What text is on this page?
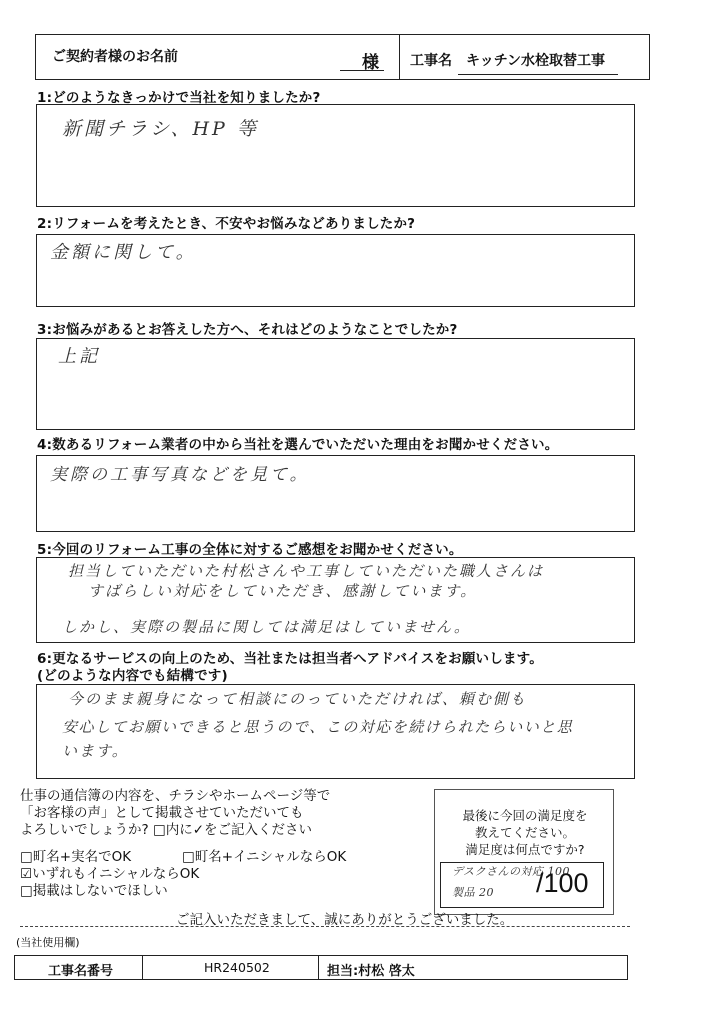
ご契約者様のお名前	様 工事名 キッチン水栓取替工事
1:どのようなきっかけで当社を知りましたか?
新聞チラシ、HP 等
2:リフォームを考えたとき、不安やお悩みなどありましたか?
金額に関して。
3:お悩みがあるとお答えした方へ、それはどのようなことでしたか?
上記
4:数あるリフォーム業者の中から当社を選んでいただいた理由をお聞かせください。
実際の工事写真などを見て。
5:今回のリフォーム工事の全体に対するご感想をお聞かせください。
担当していただいた村松さんや工事していただいた職人さんは
すばらしい対応をしていただき、感謝しています。
しかし、実際の製品に関しては満足はしていません。
6:更なるサービスの向上のため、当社または担当者へアドバイスをお願いします。
(どのような内容でも結構です)
今のまま親身になって相談にのっていただければ、頼む側も
安心してお願いできると思うので、この対応を続けられたらいいと思
います。
仕事の通信簿の内容を、チラシやホームページ等で
「お客様の声」として掲載させていただいても
よろしいでしょうか? □内に✓をご記入ください
□町名+実名でOK	□町名+イニシャルならOK
☑いずれもイニシャルならOK
□掲載はしないでほしい
最後に今回の満足度を
教えてください。
満足度は何点ですか?
デスクさんの対応 100
製品 20 /100
ご記入いただきまして、誠にありがとうございました。
(当社使用欄)
工事名番号	HR240502	担当:村松 啓太
